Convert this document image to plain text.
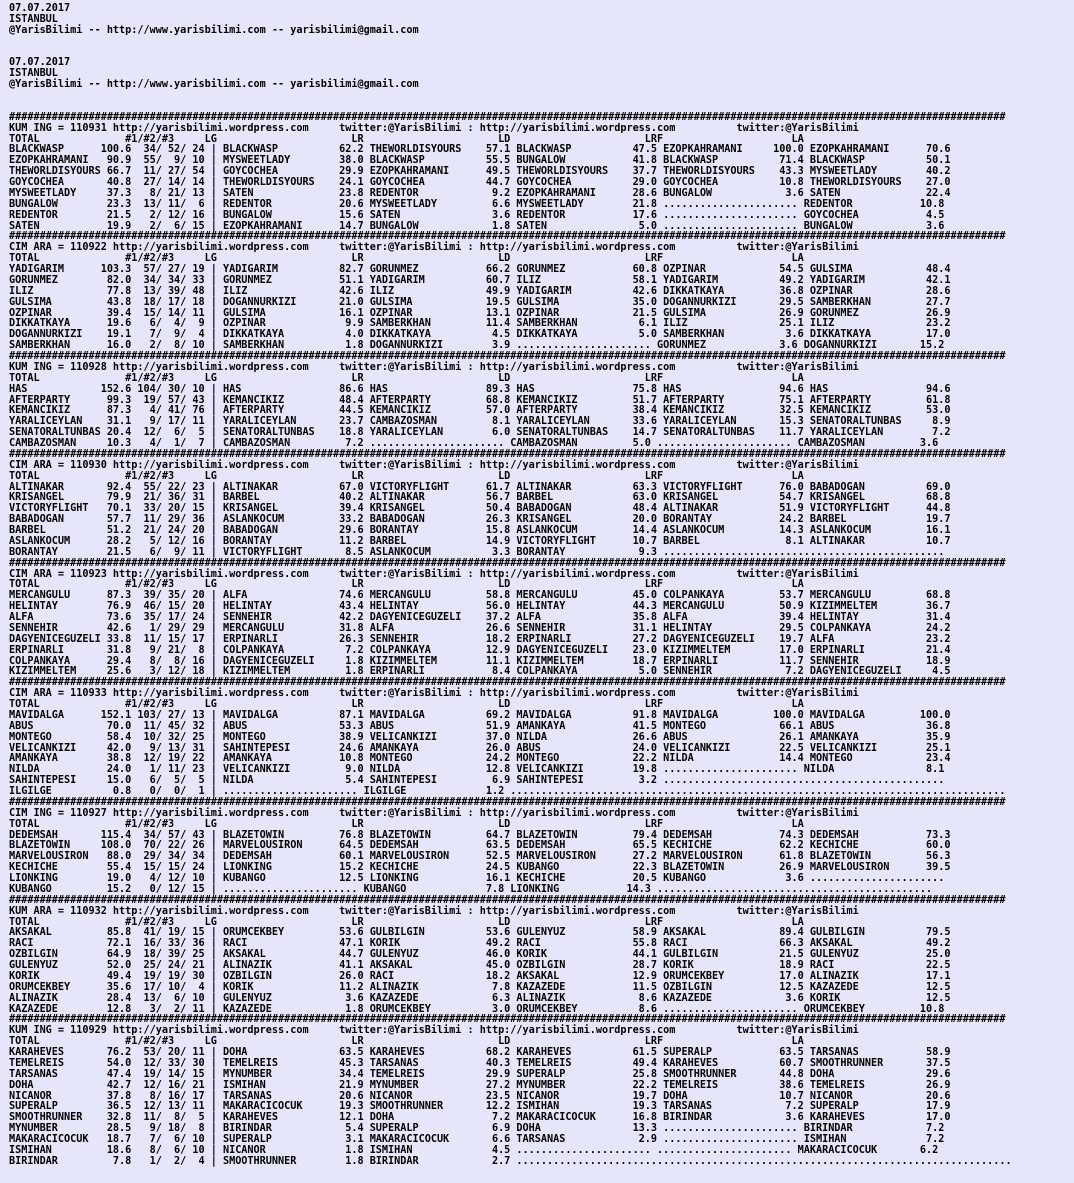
07.07.2017
ISTANBUL
@YarisBilimi -- http://www.yarisbilimi.com -- yarisbilimi@gmail.com

07.07.2017
ISTANBUL
@YarisBilimi -- http://www.yarisbilimi.com -- yarisbilimi@gmail.com

###################################################################################################################################################################
KUM ING = 110931 http://yarisbilimi.wordpress.com     twitter:@YarisBilimi : http://yarisbilimi.wordpress.com          twitter:@YarisBilimi
TOTAL              #1/#2/#3     LG                      LR                      LD                      LRF                     LA
BLACKWASP      100.6  34/ 52/ 24 | BLACKWASP          62.2 THEWORLDISYOURS    57.1 BLACKWASP          47.5 EZOPKAHRAMANI     100.0 EZOPKAHRAMANI      70.6
EZOPKAHRAMANI   90.9  55/  9/ 10 | MYSWEETLADY        38.0 BLACKWASP          55.5 BUNGALOW           41.8 BLACKWASP          71.4 BLACKWASP          50.1
THEWORLDISYOURS 66.7  11/ 27/ 54 | GOYCOCHEA          29.9 EZOPKAHRAMANI      49.5 THEWORLDISYOURS    37.7 THEWORLDISYOURS    43.3 MYSWEETLADY        40.2
GOYCOCHEA       40.8  27/ 14/ 14 | THEWORLDISYOURS    24.1 GOYCOCHEA          44.7 GOYCOCHEA          29.0 GOYCOCHEA          10.8 THEWORLDISYOURS    27.0
MYSWEETLADY     37.3   8/ 21/ 13 | SATEN              23.8 REDENTOR            9.2 EZOPKAHRAMANI      28.6 BUNGALOW            3.6 SATEN              22.4
BUNGALOW        23.3  13/ 11/  6 | REDENTOR           20.6 MYSWEETLADY         6.6 MYSWEETLADY        21.8 ...................... REDENTOR           10.8
REDENTOR        21.5   2/ 12/ 16 | BUNGALOW           15.6 SATEN               3.6 REDENTOR           17.6 ...................... GOYCOCHEA           4.5
SATEN           19.9   2/  6/ 15 | EZOPKAHRAMANI      14.7 BUNGALOW            1.8 SATEN               5.0 ...................... BUNGALOW            3.6
###################################################################################################################################################################
CIM ARA = 110922 http://yarisbilimi.wordpress.com     twitter:@YarisBilimi : http://yarisbilimi.wordpress.com          twitter:@YarisBilimi
TOTAL              #1/#2/#3     LG                      LR                      LD                      LRF                     LA
YADIGARIM      103.3  57/ 27/ 19 | YADIGARIM          82.7 GORUNMEZ           66.2 GORUNMEZ           60.8 OZPINAR            54.5 GULSIMA            48.4
GORUNMEZ        82.0  34/ 34/ 33 | GORUNMEZ           51.1 YADIGARIM          60.7 ILIZ               58.1 YADIGARIM          49.2 YADIGARIM          42.1
ILIZ            77.8  13/ 39/ 48 | ILIZ               42.6 ILIZ               49.9 YADIGARIM          42.6 DIKKATKAYA         36.8 OZPINAR            28.6
GULSIMA         43.8  18/ 17/ 18 | DOGANNURKIZI       21.0 GULSIMA            19.5 GULSIMA            35.0 DOGANNURKIZI       29.5 SAMBERKHAN         27.7
OZPINAR         39.4  15/ 14/ 11 | GULSIMA            16.1 OZPINAR            13.1 OZPINAR            21.5 GULSIMA            26.9 GORUNMEZ           26.9
DIKKATKAYA      19.6   6/  4/  9 | OZPINAR             9.9 SAMBERKHAN         11.4 SAMBERKHAN          6.1 ILIZ               25.1 ILIZ               23.2
DOGANNURKIZI    19.1   7/  9/  4 | DIKKATKAYA          4.0 DIKKATKAYA          4.5 DIKKATKAYA          5.0 SAMBERKHAN          3.6 DIKKATKAYA         17.0
SAMBERKHAN      16.0   2/  8/ 10 | SAMBERKHAN          1.8 DOGANNURKIZI        3.9 ...................... GORUNMEZ            3.6 DOGANNURKIZI       15.2
###################################################################################################################################################################
KUM ING = 110928 http://yarisbilimi.wordpress.com     twitter:@YarisBilimi : http://yarisbilimi.wordpress.com          twitter:@YarisBilimi
TOTAL              #1/#2/#3     LG                      LR                      LD                      LRF                     LA
HAS            152.6 104/ 30/ 10 | HAS                86.6 HAS                89.3 HAS                75.8 HAS                94.6 HAS                94.6
AFTERPARTY      99.3  19/ 57/ 43 | KEMANCIKIZ         48.4 AFTERPARTY         68.8 KEMANCIKIZ         51.7 AFTERPARTY         75.1 AFTERPARTY         61.8
KEMANCIKIZ      87.3   4/ 41/ 76 | AFTERPARTY         44.5 KEMANCIKIZ         57.0 AFTERPARTY         38.4 KEMANCIKIZ         32.5 KEMANCIKIZ         53.0
YARALICEYLAN    31.1   9/ 17/ 11 | YARALICEYLAN       23.7 CAMBAZOSMAN         8.1 YARALICEYLAN       33.6 YARALICEYLAN       15.3 SENATORALTUNBAS     8.9
SENATORALTUNBAS 20.4  12/  6/  5 | SENATORALTUNBAS    18.8 YARALICEYLAN        6.0 SENATORALTUNBAS    14.7 SENATORALTUNBAS    11.7 YARALICEYLAN        7.2
CAMBAZOSMAN     10.3   4/  1/  7 | CAMBAZOSMAN         7.2 ...................... CAMBAZOSMAN         5.0 ...................... CAMBAZOSMAN         3.6
###################################################################################################################################################################
CIM ARA = 110930 http://yarisbilimi.wordpress.com     twitter:@YarisBilimi : http://yarisbilimi.wordpress.com          twitter:@YarisBilimi
TOTAL              #1/#2/#3     LG                      LR                      LD                      LRF                     LA
ALTINAKAR       92.4  55/ 22/ 23 | ALTINAKAR          67.0 VICTORYFLIGHT      61.7 ALTINAKAR          63.3 VICTORYFLIGHT      76.0 BABADOGAN          69.0
KRISANGEL       79.9  21/ 36/ 31 | BARBEL             40.2 ALTINAKAR          56.7 BARBEL             63.0 KRISANGEL          54.7 KRISANGEL          68.8
VICTORYFLIGHT   70.1  33/ 20/ 15 | KRISANGEL          39.4 KRISANGEL          50.4 BABADOGAN          48.4 ALTINAKAR          51.9 VICTORYFLIGHT      44.8
BABADOGAN       57.7  11/ 29/ 36 | ASLANKOCUM         33.2 BABADOGAN          26.3 KRISANGEL          20.0 BORANTAY           24.2 BARBEL             19.7
BARBEL          51.2  21/ 24/ 20 | BABADOGAN          29.6 BORANTAY           15.8 ASLANKOCUM         14.4 ASLANKOCUM         14.3 ASLANKOCUM         16.1
ASLANKOCUM      28.2   5/ 12/ 16 | BORANTAY           11.2 BARBEL             14.9 VICTORYFLIGHT      10.7 BARBEL              8.1 ALTINAKAR          10.7
BORANTAY        21.5   6/  9/ 11 | VICTORYFLIGHT       8.5 ASLANKOCUM          3.3 BORANTAY            9.3 ..............................................
###################################################################################################################################################################
CIM ARA = 110923 http://yarisbilimi.wordpress.com     twitter:@YarisBilimi : http://yarisbilimi.wordpress.com          twitter:@YarisBilimi
TOTAL              #1/#2/#3     LG                      LR                      LD                      LRF                     LA
MERCANGULU      87.3  39/ 35/ 20 | ALFA               74.6 MERCANGULU         58.8 MERCANGULU         45.0 COLPANKAYA         53.7 MERCANGULU         68.8
HELINTAY        76.9  46/ 15/ 20 | HELINTAY           43.4 HELINTAY           56.0 HELINTAY           44.3 MERCANGULU         50.9 KIZIMMELTEM        36.7
ALFA            73.6  35/ 17/ 24 | SENNEHIR           42.2 DAGYENICEGUZELI    37.2 ALFA               35.8 ALFA               39.4 HELINTAY           31.4
SENNEHIR        42.6   1/ 29/ 29 | MERCANGULU         31.8 ALFA               26.6 SENNEHIR           31.1 HELINTAY           29.5 COLPANKAYA         24.2
DAGYENICEGUZELI 33.8  11/ 15/ 17 | ERPINARLI          26.3 SENNEHIR           18.2 ERPINARLI          27.2 DAGYENICEGUZELI    19.7 ALFA               23.2
ERPINARLI       31.8   9/ 21/  8 | COLPANKAYA          7.2 COLPANKAYA         12.9 DAGYENICEGUZELI    23.0 KIZIMMELTEM        17.0 ERPINARLI          21.4
COLPANKAYA      29.4   8/  8/ 16 | DAGYENICEGUZELI     1.8 KIZIMMELTEM        11.1 KIZIMMELTEM        18.7 ERPINARLI          11.7 SENNEHIR           18.9
KIZIMMELTEM     25.6   3/ 12/ 18 | KIZIMMELTEM         1.8 ERPINARLI           8.4 COLPANKAYA          5.0 SENNEHIR            7.2 DAGYENICEGUZELI     4.5
###################################################################################################################################################################
CIM ARA = 110933 http://yarisbilimi.wordpress.com     twitter:@YarisBilimi : http://yarisbilimi.wordpress.com          twitter:@YarisBilimi
TOTAL              #1/#2/#3     LG                      LR                      LD                      LRF                     LA
MAVIDALGA      152.1 103/ 27/ 13 | MAVIDALGA          87.1 MAVIDALGA          69.2 MAVIDALGA          91.8 MAVIDALGA         100.0 MAVIDALGA         100.0
ABUS            70.0  11/ 45/ 32 | ABUS               53.3 ABUS               51.9 AMANKAYA           41.5 MONTEGO            66.1 ABUS               36.8
MONTEGO         58.4  10/ 32/ 25 | MONTEGO            38.9 VELICANKIZI        37.0 NILDA              26.6 ABUS               26.1 AMANKAYA           35.9
VELICANKIZI     42.0   9/ 13/ 31 | SAHINTEPESI        24.6 AMANKAYA           26.0 ABUS               24.0 VELICANKIZI        22.5 VELICANKIZI        25.1
AMANKAYA        38.8  12/ 19/ 22 | AMANKAYA           10.8 MONTEGO            24.2 MONTEGO            22.2 NILDA              14.4 MONTEGO            23.4
NILDA           24.0   1/ 11/ 23 | VELICANKIZI         9.0 NILDA              12.8 VELICANKIZI        19.8 ...................... NILDA               8.1
SAHINTEPESI     15.0   6/  5/  5 | NILDA               5.4 SAHINTEPESI         6.9 SAHINTEPESI         3.2 ..............................................
ILGILGE          0.8   0/  0/  1 | ...................... ILGILGE             1.2 .................................................................................
###################################################################################################################################################################
CIM ING = 110927 http://yarisbilimi.wordpress.com     twitter:@YarisBilimi : http://yarisbilimi.wordpress.com          twitter:@YarisBilimi
TOTAL              #1/#2/#3     LG                      LR                      LD                      LRF                     LA
DEDEMSAH       115.4  34/ 57/ 43 | BLAZETOWIN         76.8 BLAZETOWIN         64.7 BLAZETOWIN         79.4 DEDEMSAH           74.3 DEDEMSAH           73.3
BLAZETOWIN     108.0  70/ 22/ 26 | MARVELOUSIRON      64.5 DEDEMSAH           63.5 DEDEMSAH           65.5 KECHICHE           62.2 KECHICHE           60.0
MARVELOUSIRON   88.0  29/ 34/ 34 | DEDEMSAH           60.1 MARVELOUSIRON      52.5 MARVELOUSIRON      27.2 MARVELOUSIRON      61.8 BLAZETOWIN         56.3
KECHICHE        55.4  15/ 15/ 24 | LIONKING           15.2 KECHICHE           24.5 KUBANGO            22.3 BLAZETOWIN         26.9 MARVELOUSIRON      39.5
LIONKING        19.0   4/ 12/ 10 | KUBANGO            12.5 LIONKING           16.1 KECHICHE           20.5 KUBANGO             3.6 ......................
KUBANGO         15.2   0/ 12/ 15 | ...................... KUBANGO             7.8 LIONKING           14.3 .............................................
###################################################################################################################################################################
KUM ARA = 110932 http://yarisbilimi.wordpress.com     twitter:@YarisBilimi : http://yarisbilimi.wordpress.com          twitter:@YarisBilimi
TOTAL              #1/#2/#3     LG                      LR                      LD                      LRF                     LA
AKSAKAL         85.8  41/ 19/ 15 | ORUMCEKBEY         53.6 GULBILGIN          53.6 GULENYUZ           58.9 AKSAKAL            89.4 GULBILGIN          79.5
RACI            72.1  16/ 33/ 36 | RACI               47.1 KORIK              49.2 RACI               55.8 RACI               66.3 AKSAKAL            49.2
OZBILGIN        64.9  18/ 39/ 25 | AKSAKAL            44.7 GULENYUZ           46.0 KORIK              44.1 GULBILGIN          21.5 GULENYUZ           25.0
GULENYUZ        52.0  25/ 24/ 21 | ALINAZIK           41.1 AKSAKAL            45.0 OZBILGIN           28.7 KORIK              18.9 RACI               22.5
KORIK           49.4  19/ 19/ 30 | OZBILGIN           26.0 RACI               18.2 AKSAKAL            12.9 ORUMCEKBEY         17.0 ALINAZIK           17.1
ORUMCEKBEY      35.6  17/ 10/  4 | KORIK              11.2 ALINAZIK            7.8 KAZAZEDE           11.5 OZBILGIN           12.5 KAZAZEDE           12.5
ALINAZIK        28.4  13/  6/ 10 | GULENYUZ            3.6 KAZAZEDE            6.3 ALINAZIK            8.6 KAZAZEDE            3.6 KORIK              12.5
KAZAZEDE        12.8   3/  2/ 11 | KAZAZEDE            1.8 ORUMCEKBEY          3.0 ORUMCEKBEY          8.6 ...................... ORUMCEKBEY         10.8
###################################################################################################################################################################
KUM ING = 110929 http://yarisbilimi.wordpress.com     twitter:@YarisBilimi : http://yarisbilimi.wordpress.com          twitter:@YarisBilimi
TOTAL              #1/#2/#3     LG                      LR                      LD                      LRF                     LA
KARAHEVES       76.2  53/ 20/ 11 | DOHA               63.5 KARAHEVES          68.2 KARAHEVES          61.5 SUPERALP           63.5 TARSANAS           58.9
TEMELREIS       54.0  12/ 33/ 30 | TEMELREIS          45.3 TARSANAS           40.3 TEMELREIS          49.4 KARAHEVES          60.7 SMOOTHRUNNER       37.5
TARSANAS        47.4  19/ 14/ 15 | MYNUMBER           34.4 TEMELREIS          29.9 SUPERALP           25.8 SMOOTHRUNNER       44.8 DOHA               29.6
DOHA            42.7  12/ 16/ 21 | ISMIHAN            21.9 MYNUMBER           27.2 MYNUMBER           22.2 TEMELREIS          38.6 TEMELREIS          26.9
NICANOR         37.8   8/ 16/ 17 | TARSANAS           20.6 NICANOR            23.5 NICANOR            19.7 DOHA               10.7 NICANOR            20.6
SUPERALP        36.5  12/ 13/ 11 | MAKARACICOCUK      19.3 SMOOTHRUNNER       12.2 ISMIHAN            19.3 TARSANAS            7.2 SUPERALP           17.9
SMOOTHRUNNER    32.8  11/  8/  5 | KARAHEVES          12.1 DOHA                7.2 MAKARACICOCUK      16.8 BIRINDAR            3.6 KARAHEVES          17.0
MYNUMBER        28.5   9/ 18/  8 | BIRINDAR            5.4 SUPERALP            6.9 DOHA               13.3 ...................... BIRINDAR            7.2
MAKARACICOCUK   18.7   7/  6/ 10 | SUPERALP            3.1 MAKARACICOCUK       6.6 TARSANAS            2.9 ...................... ISMIHAN             7.2
ISMIHAN         18.6   8/  6/ 10 | NICANOR             1.8 ISMIHAN             4.5 ...................... ...................... MAKARACICOCUK       6.2
BIRINDAR         7.8   1/  2/  4 | SMOOTHRUNNER        1.8 BIRINDAR            2.7 .................................................................................
